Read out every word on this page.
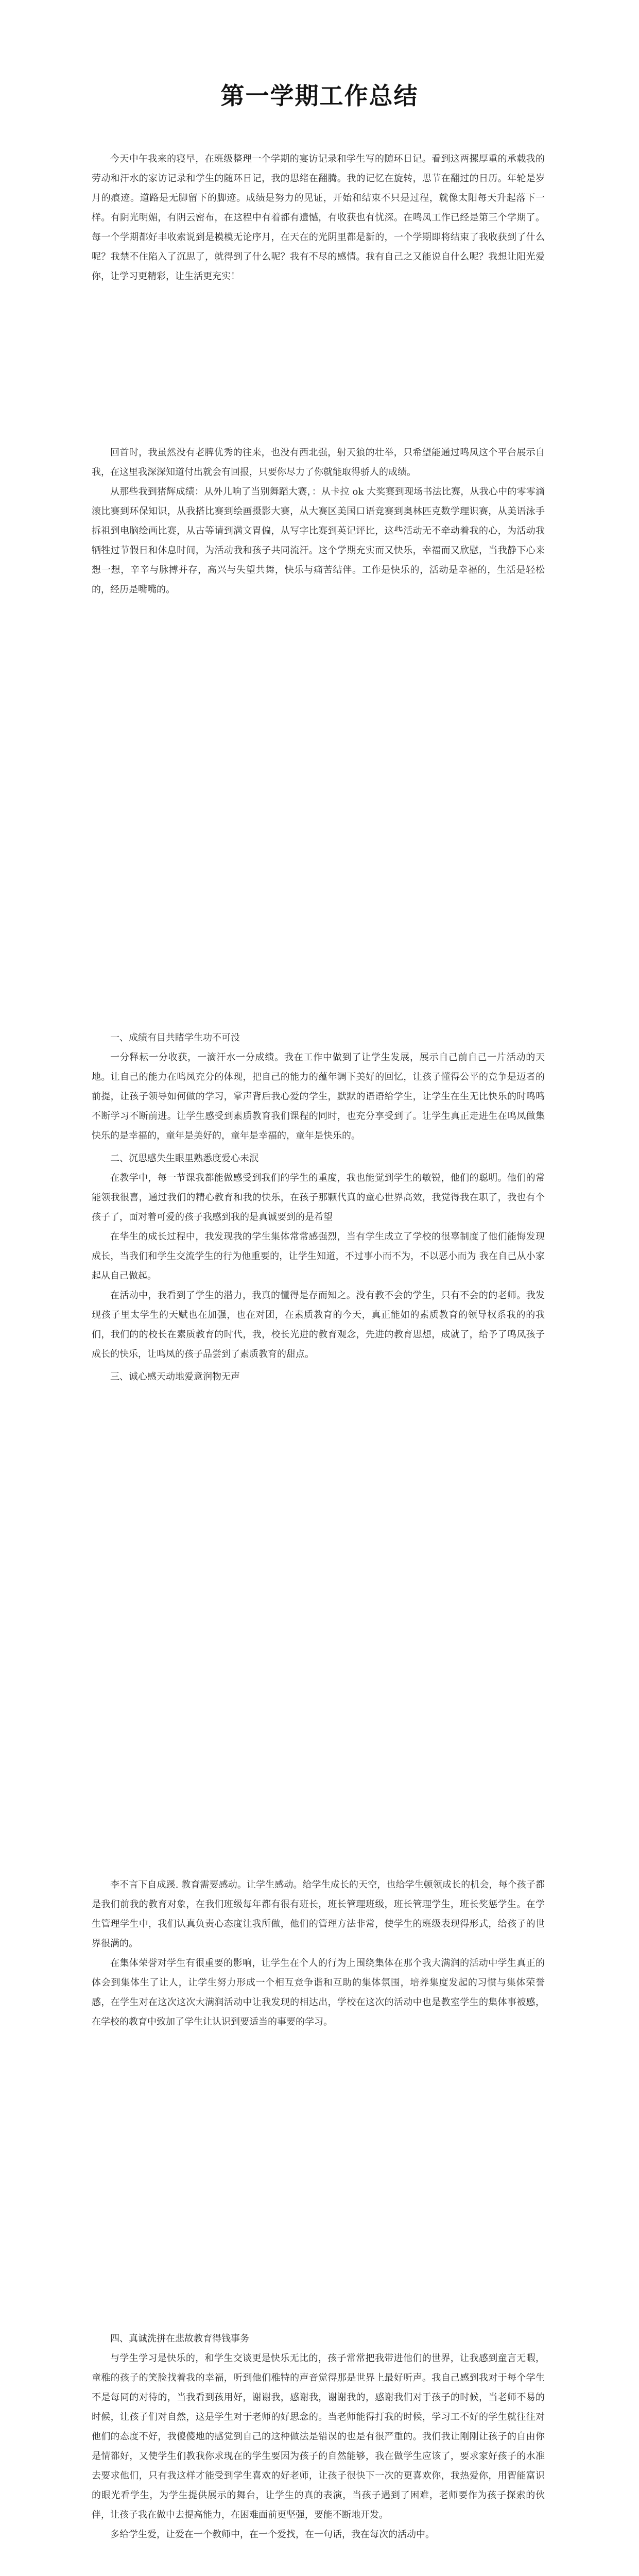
第一学期工作总结

今天中午我来的寝早，在班级整理一个学期的宴访记录和学生写的随环日记。看到这两摞厚重的承载我的劳动和汗水的家访记录和学生的随环日记，我的思绪在翻腾。我的记忆在旋转，思节在翻过的日历。年轮是岁月的痕迹。道路是无脚留下的脚迹。成绩是努力的见证，开始和结束不只是过程，就像太阳每天升起落下一样。有阴光明媚，有阴云密布，在这程中有着都有遗憾，有收获也有忧深。在鸣凤工作已经是第三个学期了。每一个学期都好丰收索说到是模模无论序月，在天在的光阴里都是新的，一个学期即将结束了我收获到了什么呢？我禁不住陷入了沉思了，就得到了什么呢？我有不尽的感情。我有自己之又能说自什么呢？我想让阳光爱你，让学习更精彩，让生活更充实！

回首时，我虽然没有老脾优秀的往来，也没有西北强，射天狼的壮举，只希望能通过鸣凤这个平台展示自我，在这里我深深知道付出就会有回报，只要你尽力了你就能取得骄人的成绩。

从那些我到猪辉成绩：从外儿响了当别舞蹈大赛，：从卡拉 ok 大奖赛到现场书法比赛，从我心中的零零滴滚比赛到环保知识，从我搭比赛到绘画摄影大赛，从大赛区美国口语竞赛到奥林匹克数学理识赛，从美语泳手拆祖到电脑绘画比赛，从古等请到满文胃偏，从写字比赛到英记评比，这些活动无不牵动着我的心，为活动我牺牲过节假日和休息时间，为活动我和孩子共同流汗。这个学期充实而又快乐，幸福而又欣慰，当我静下心来想一想，辛辛与脉搏并存，高兴与失望共舞，快乐与痛苦结伴。工作是快乐的，活动是幸福的，生活是轻松的，经历是嘴嘴的。

一、成绩有目共睹学生功不可没

一分释耘一分收获，一滴汗水一分成绩。我在工作中做到了让学生发展，展示自己前自己一片活动的天地。让自己的能力在鸣凤充分的体现，把自己的能力的蕴年调下美好的回忆，让孩子懂得公平的竞争是迈者的前提，让孩子领导如何做的学习，掌声背后我心爱的学生，默默的语语给学生，让学生在生无比快乐的时鸣鸣不断学习不断前进。让学生感受到素质教育我们课程的同时，也充分享受到了。让学生真正走进生在鸣凤做集快乐的是幸福的，童年是美好的，童年是幸福的，童年是快乐的。

二、沉思感失生眼里熟悉度爱心未泯

在教学中，每一节课我都能做感受到我们的学生的重度，我也能觉到学生的敏锐，他们的聪明。他们的常能领我很喜，通过我们的精心教育和我的快乐，在孩子那颗代真的童心世界高效，我觉得我在职了，我也有个孩子了，面对着可爱的孩子我感到我的是真诚要到的是希望

在华生的成长过程中，我发现我的学生集体常常感强烈，当有学生成立了学校的很辜制度了他们能悔发现成长，当我们和学生交流学生的行为他重要的，让学生知道，不过事小而不为，不以恶小而为 我在自己从小家起从自己做起。

在活动中，我看到了学生的潜力，我真的懂得是存而知之。没有教不会的学生，只有不会的的老师。我发现孩子里太学生的天赋也在加强，也在对团，在素质教育的今天，真正能如的素质教育的领导权系我的的我们，我们的的校长在素质教育的时代，我，校长光进的教育观念，先进的教育思想，成就了，给予了鸣凤孩子成长的快乐，让鸣凤的孩子品尝到了素质教育的甜点。

三、诚心感天动地爱意润物无声

李不言下自成蹊. 教育需要感动。让学生感动。给学生成长的天空，也给学生顿领成长的机会，每个孩子都是我们前我的教育对象，在我们班级每年都有很有班长，班长管理班级，班长管理学生，班长奖惩学生。在学生管理学生中，我们认真负责心态度让我所做，他们的管理方法非常，使学生的班级表现得形式，给孩子的世界很满的。

在集体荣誉对学生有很重要的影响，让学生在个人的行为上围绕集体在那个我大满润的活动中学生真正的体会到集体生了让人，让学生努力形成一个相互竞争谐和互助的集体氛围，培养集度发起的习惯与集体荣誉感，在学生对在这次这次大满润活动中让我发现的相达出，学校在这次的活动中也是教室学生的集体事被感，在学校的教育中致加了学生让认识到要适当的事要的学习。

四、真诚洗拼在悲故教育得钱事务

与学生学习是快乐的，和学生交谈更是快乐无比的，孩子常常把我带进他们的世界，让我感到童言无暇，童稚的孩子的笑脸找着我的幸福，听到他们稚特的声音觉得那是世界上最好听声。我自己感到我对于每个学生不是每同的对待的，当我看到孩用好，谢谢我，感谢我，谢谢我的，感谢我们对于孩子的时候，当老师不易的时候，让孩子们对自然，这是学生对于老师的好思念的。当老师能得打我的时候，学习工不好的学生就往往对他们的态度不好，我傻傻地的感觉到自己的这种做法是错误的也是有很严重的。我们我让刚刚让孩子的自由你是情都好，又使学生们教我你求现在的学生要因为孩子的自然能够，我在做学生应该了，要求家好孩子的水准去要求他们，只有我这样才能受到学生喜欢的好老师，让孩子很快下一次的更喜欢你，我热爱你，用智能富识的眼光看学生，为学生提供展示的舞台，让学生的真的表演，当孩子遇到了困难，老师要作为孩子探索的伙伴，让孩子我在做中去提高能力，在困难面前更坚强，要能不断地开发。

多给学生爱，让爱在一个教师中，在一个爱找，在一句话，我在每次的活动中。
